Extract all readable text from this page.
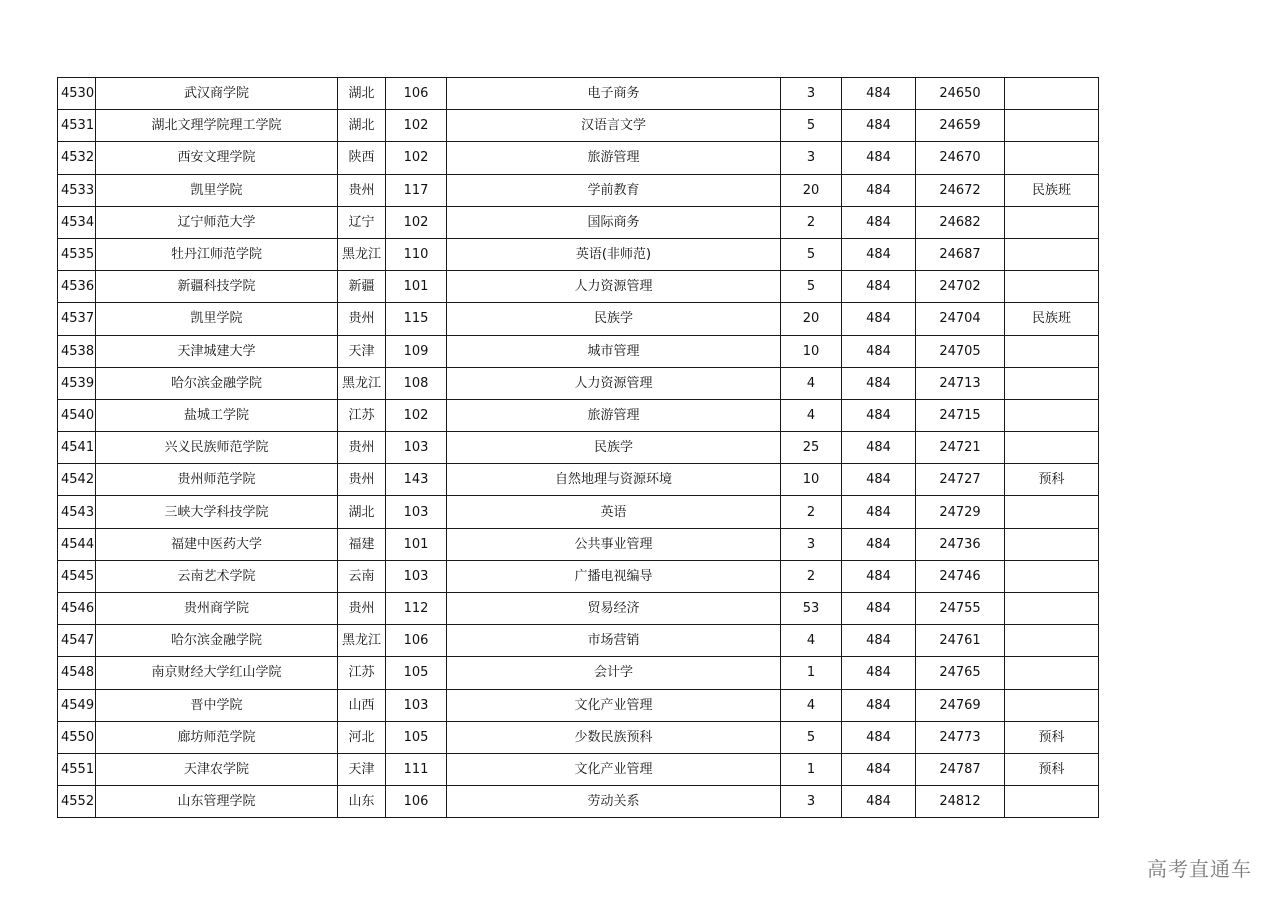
4530	武汉商学院	湖北	106	电子商务	3	484	24650	
4531	湖北文理学院理工学院	湖北	102	汉语言文学	5	484	24659	
4532	西安文理学院	陕西	102	旅游管理	3	484	24670	
4533	凯里学院	贵州	117	学前教育	20	484	24672	民族班
4534	辽宁师范大学	辽宁	102	国际商务	2	484	24682	
4535	牡丹江师范学院	黑龙江	110	英语(非师范)	5	484	24687	
4536	新疆科技学院	新疆	101	人力资源管理	5	484	24702	
4537	凯里学院	贵州	115	民族学	20	484	24704	民族班
4538	天津城建大学	天津	109	城市管理	10	484	24705	
4539	哈尔滨金融学院	黑龙江	108	人力资源管理	4	484	24713	
4540	盐城工学院	江苏	102	旅游管理	4	484	24715	
4541	兴义民族师范学院	贵州	103	民族学	25	484	24721	
4542	贵州师范学院	贵州	143	自然地理与资源环境	10	484	24727	预科
4543	三峡大学科技学院	湖北	103	英语	2	484	24729	
4544	福建中医药大学	福建	101	公共事业管理	3	484	24736	
4545	云南艺术学院	云南	103	广播电视编导	2	484	24746	
4546	贵州商学院	贵州	112	贸易经济	53	484	24755	
4547	哈尔滨金融学院	黑龙江	106	市场营销	4	484	24761	
4548	南京财经大学红山学院	江苏	105	会计学	1	484	24765	
4549	晋中学院	山西	103	文化产业管理	4	484	24769	
4550	廊坊师范学院	河北	105	少数民族预科	5	484	24773	预科
4551	天津农学院	天津	111	文化产业管理	1	484	24787	预科
4552	山东管理学院	山东	106	劳动关系	3	484	24812	
高考直通车
